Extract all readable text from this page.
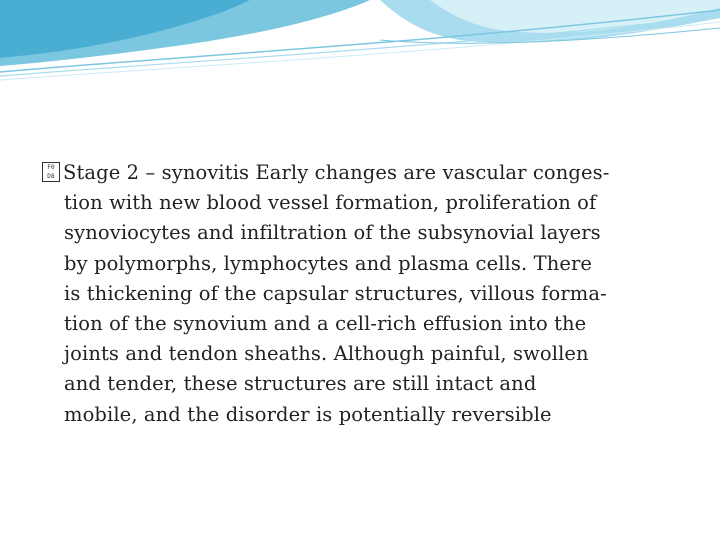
F0
D8 Stage 2 – synovitis Early changes are vascular conges-
tion with new blood vessel formation, proliferation of
synoviocytes and infiltration of the subsynovial layers
by polymorphs, lymphocytes and plasma cells. There
is thickening of the capsular structures, villous forma-
tion of the synovium and a cell-rich effusion into the
joints and tendon sheaths. Although painful, swollen
and tender, these structures are still intact and
mobile, and the disorder is potentially reversible
